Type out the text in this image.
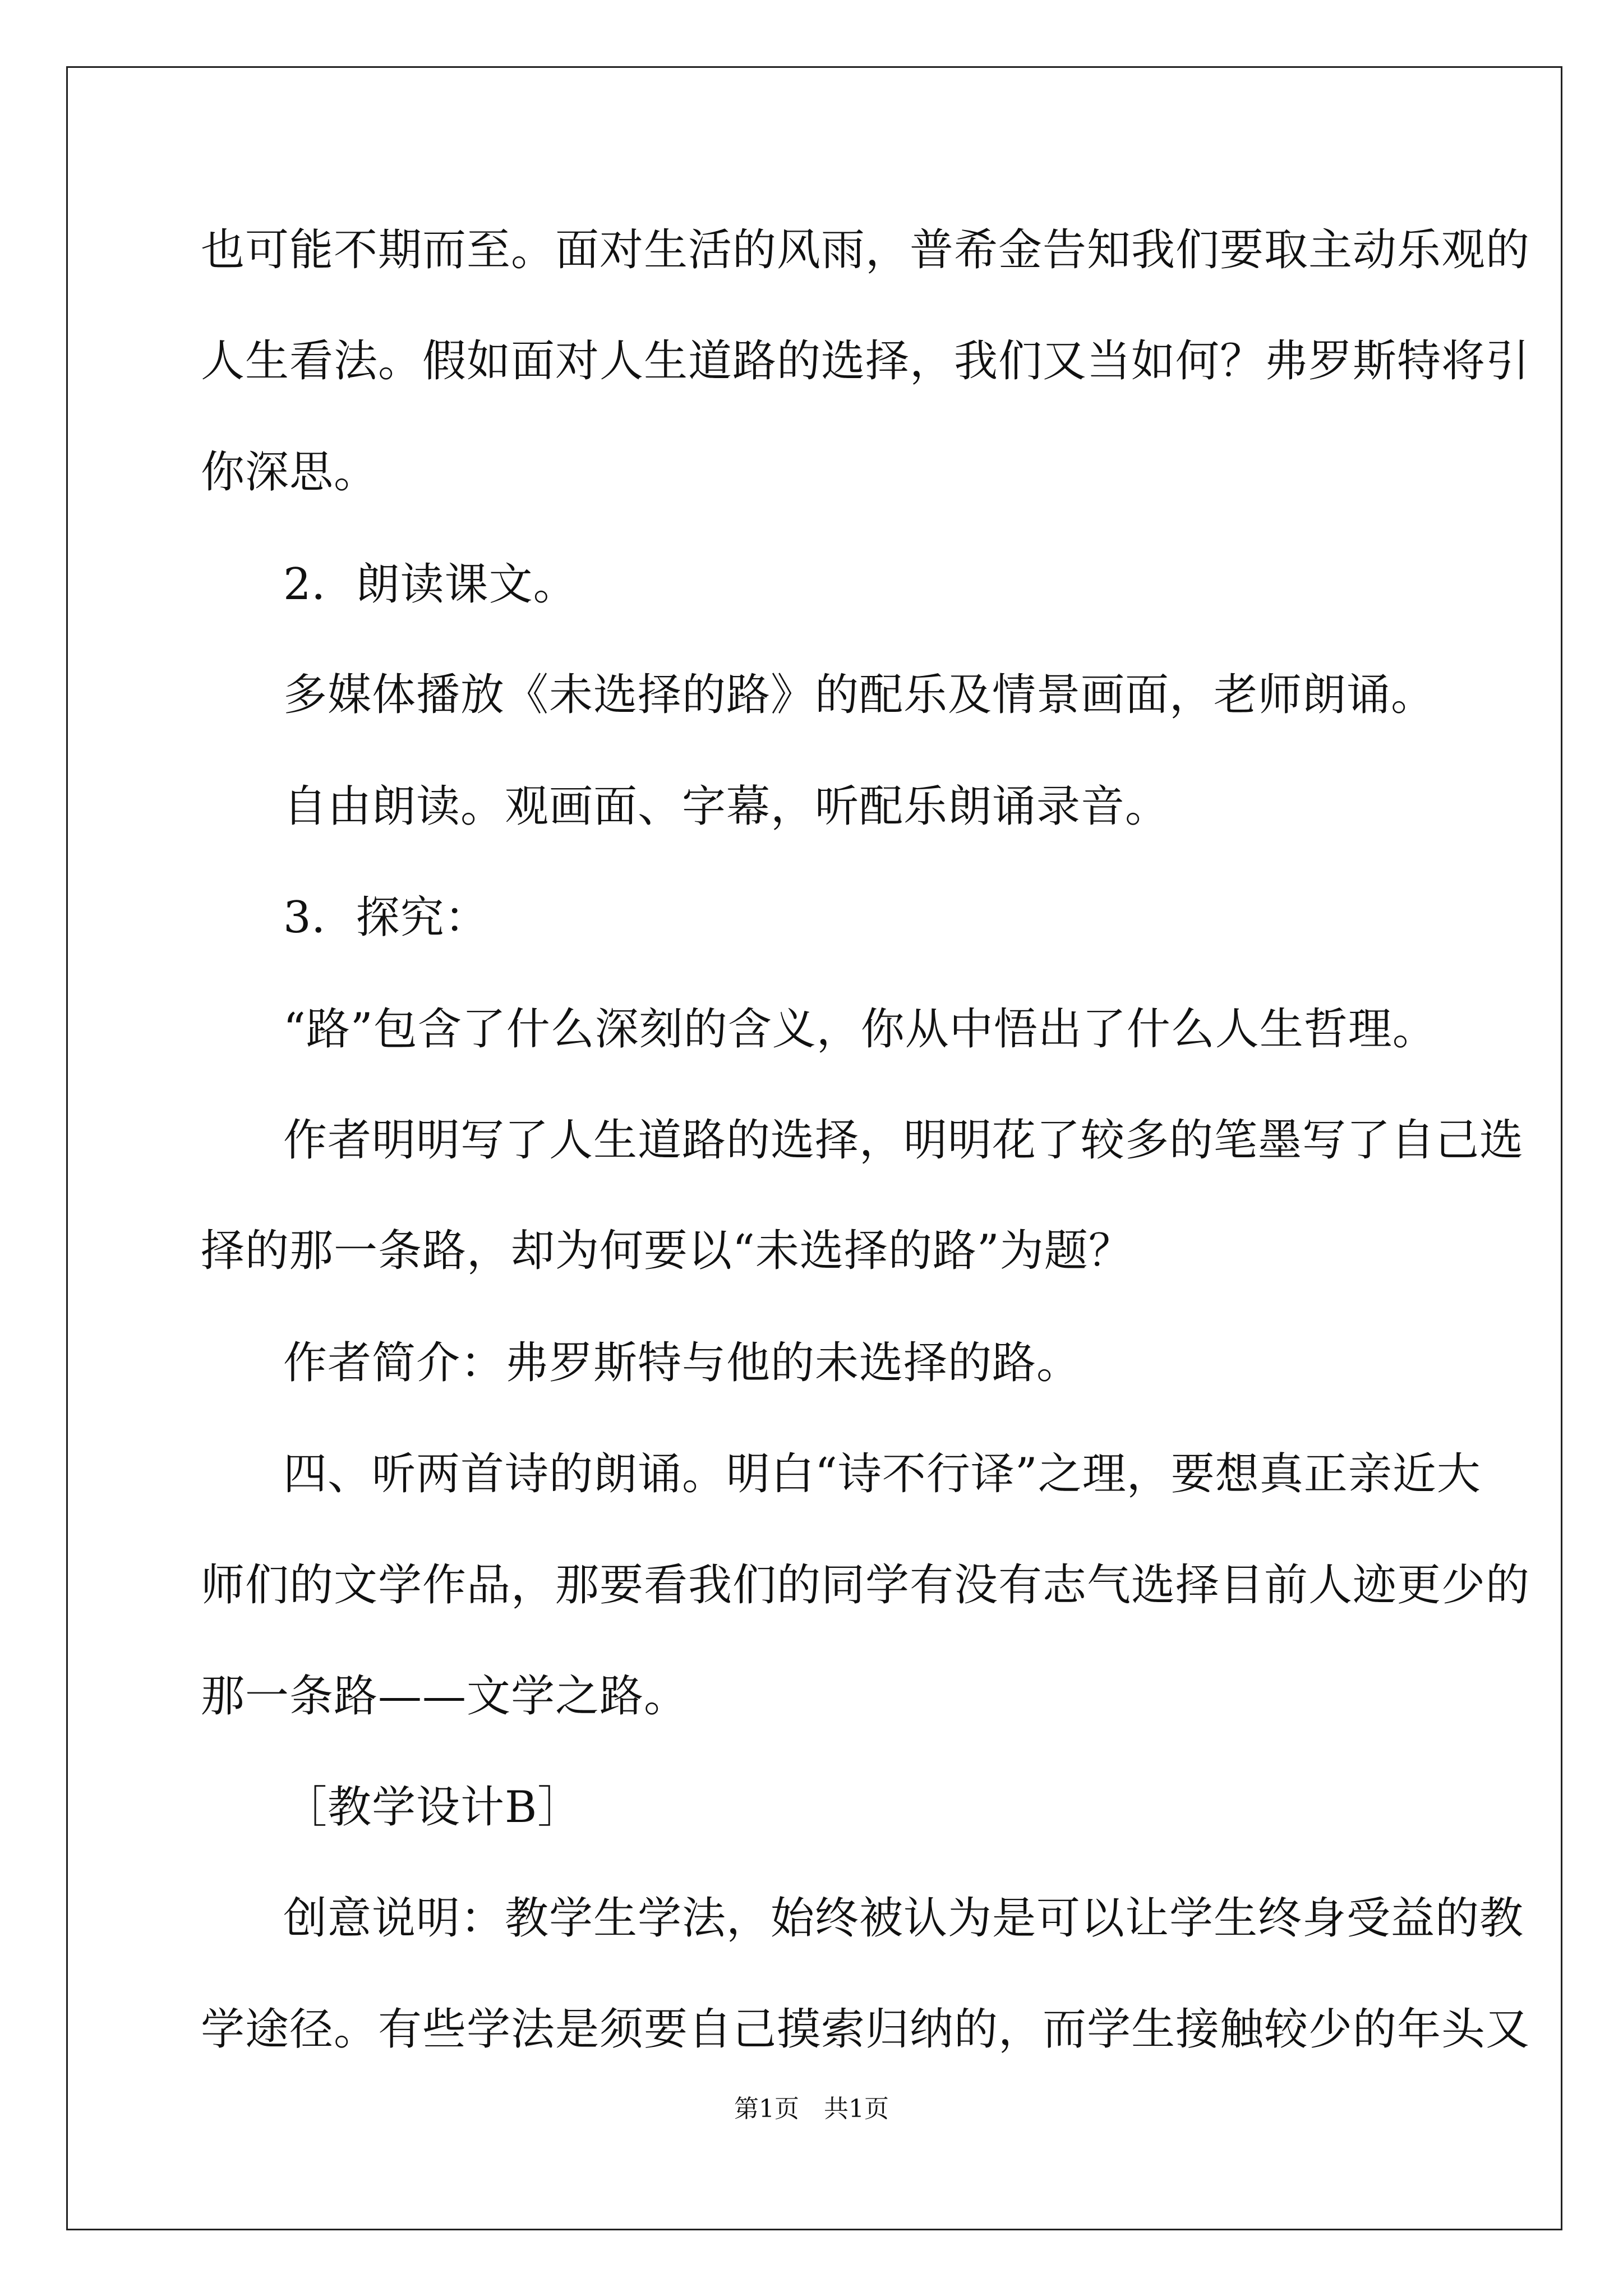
也可能不期而至。面对生活的风雨，普希金告知我们要取主动乐观的
人生看法。假如面对人生道路的选择，我们又当如何？弗罗斯特将引
你深思。
2．朗读课文。
多媒体播放《未选择的路》的配乐及情景画面，老师朗诵。
自由朗读。观画面、字幕，听配乐朗诵录音。
3．探究：
“路”包含了什么深刻的含义，你从中悟出了什么人生哲理。
作者明明写了人生道路的选择，明明花了较多的笔墨写了自己选
择的那一条路，却为何要以“未选择的路”为题？
作者简介：弗罗斯特与他的未选择的路。
四、听两首诗的朗诵。明白“诗不行译”之理，要想真正亲近大
师们的文学作品，那要看我们的同学有没有志气选择目前人迹更少的
那一条路——文学之路。
［教学设计B］
创意说明：教学生学法，始终被认为是可以让学生终身受益的教
学途径。有些学法是须要自己摸索归纳的，而学生接触较少的年头又
第1页 共1页
